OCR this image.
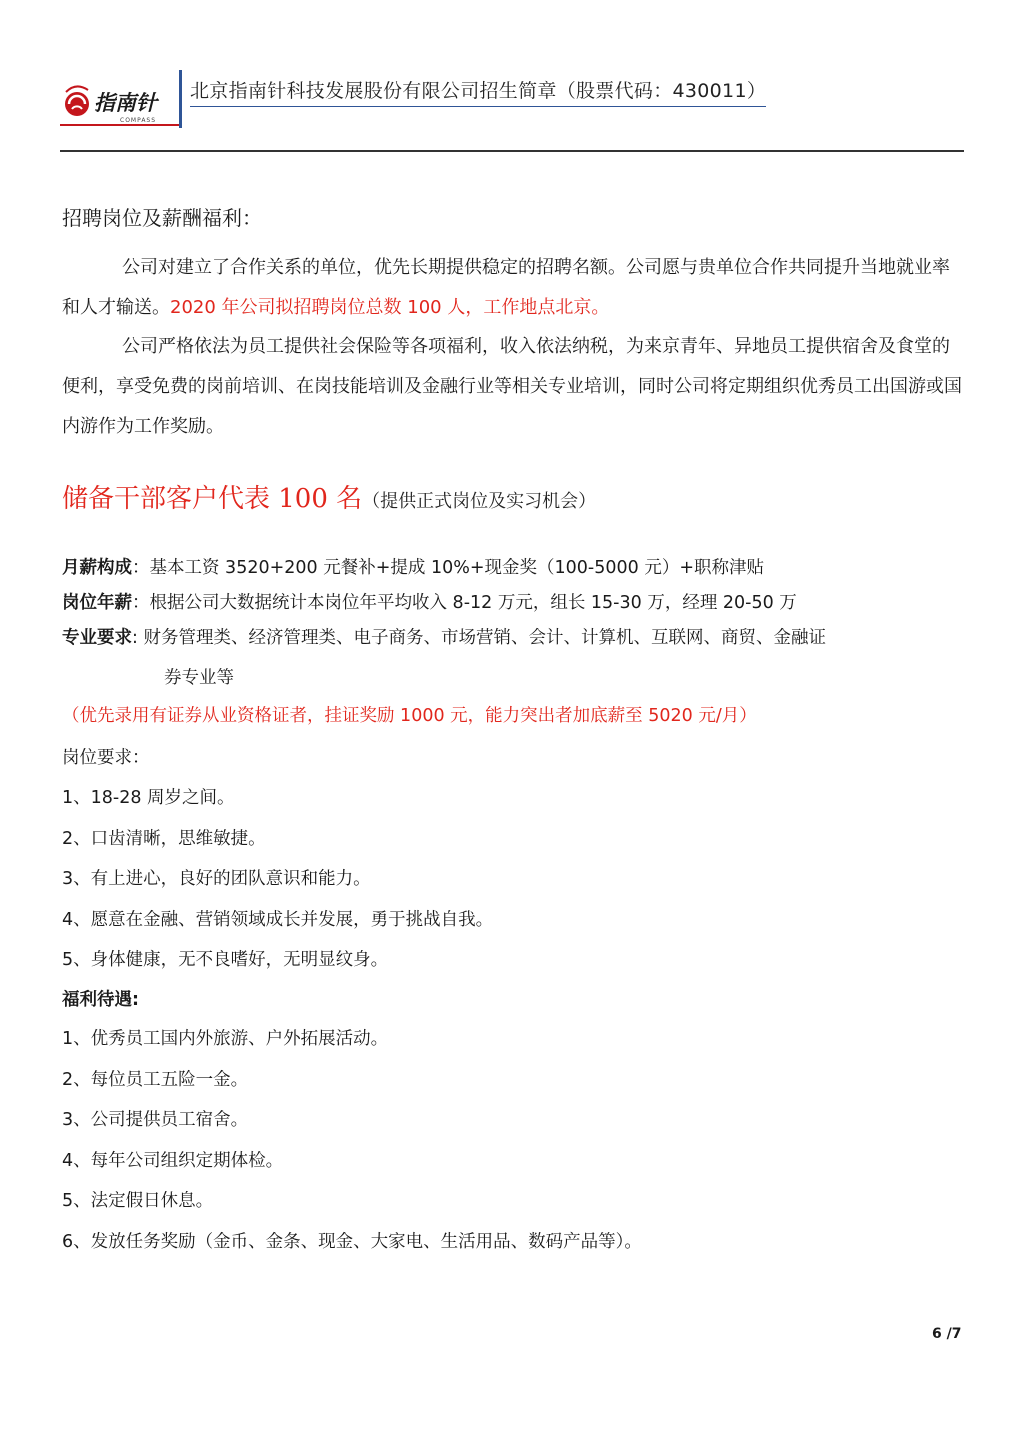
指南针
COMPASS
北京指南针科技发展股份有限公司招生简章（股票代码：430011）
招聘岗位及薪酬福利：

公司对建立了合作关系的单位，优先长期提供稳定的招聘名额。公司愿与贵单位合作共同提升当地就业率和人才输送。2020 年公司拟招聘岗位总数 100 人，工作地点北京。

公司严格依法为员工提供社会保险等各项福利，收入依法纳税，为来京青年、异地员工提供宿舍及食堂的便利，享受免费的岗前培训、在岗技能培训及金融行业等相关专业培训，同时公司将定期组织优秀员工出国游或国内游作为工作奖励。

储备干部客户代表 100 名（提供正式岗位及实习机会）
月薪构成：基本工资 3520+200 元餐补+提成 10%+现金奖（100-5000 元）+职称津贴
岗位年薪：根据公司大数据统计本岗位年平均收入 8-12 万元，组长 15-30 万，经理 20-50 万
专业要求: 财务管理类、经济管理类、电子商务、市场营销、会计、计算机、互联网、商贸、金融证
券专业等
（优先录用有证券从业资格证者，挂证奖励 1000 元，能力突出者加底薪至 5020 元/月）
岗位要求：
1、18-28 周岁之间。
2、口齿清晰，思维敏捷。
3、有上进心，良好的团队意识和能力。
4、愿意在金融、营销领域成长并发展，勇于挑战自我。
5、身体健康，无不良嗜好，无明显纹身。
福利待遇:
1、优秀员工国内外旅游、户外拓展活动。
2、每位员工五险一金。
3、公司提供员工宿舍。
4、每年公司组织定期体检。
5、法定假日休息。
6、发放任务奖励（金币、金条、现金、大家电、生活用品、数码产品等）。
6 /7
